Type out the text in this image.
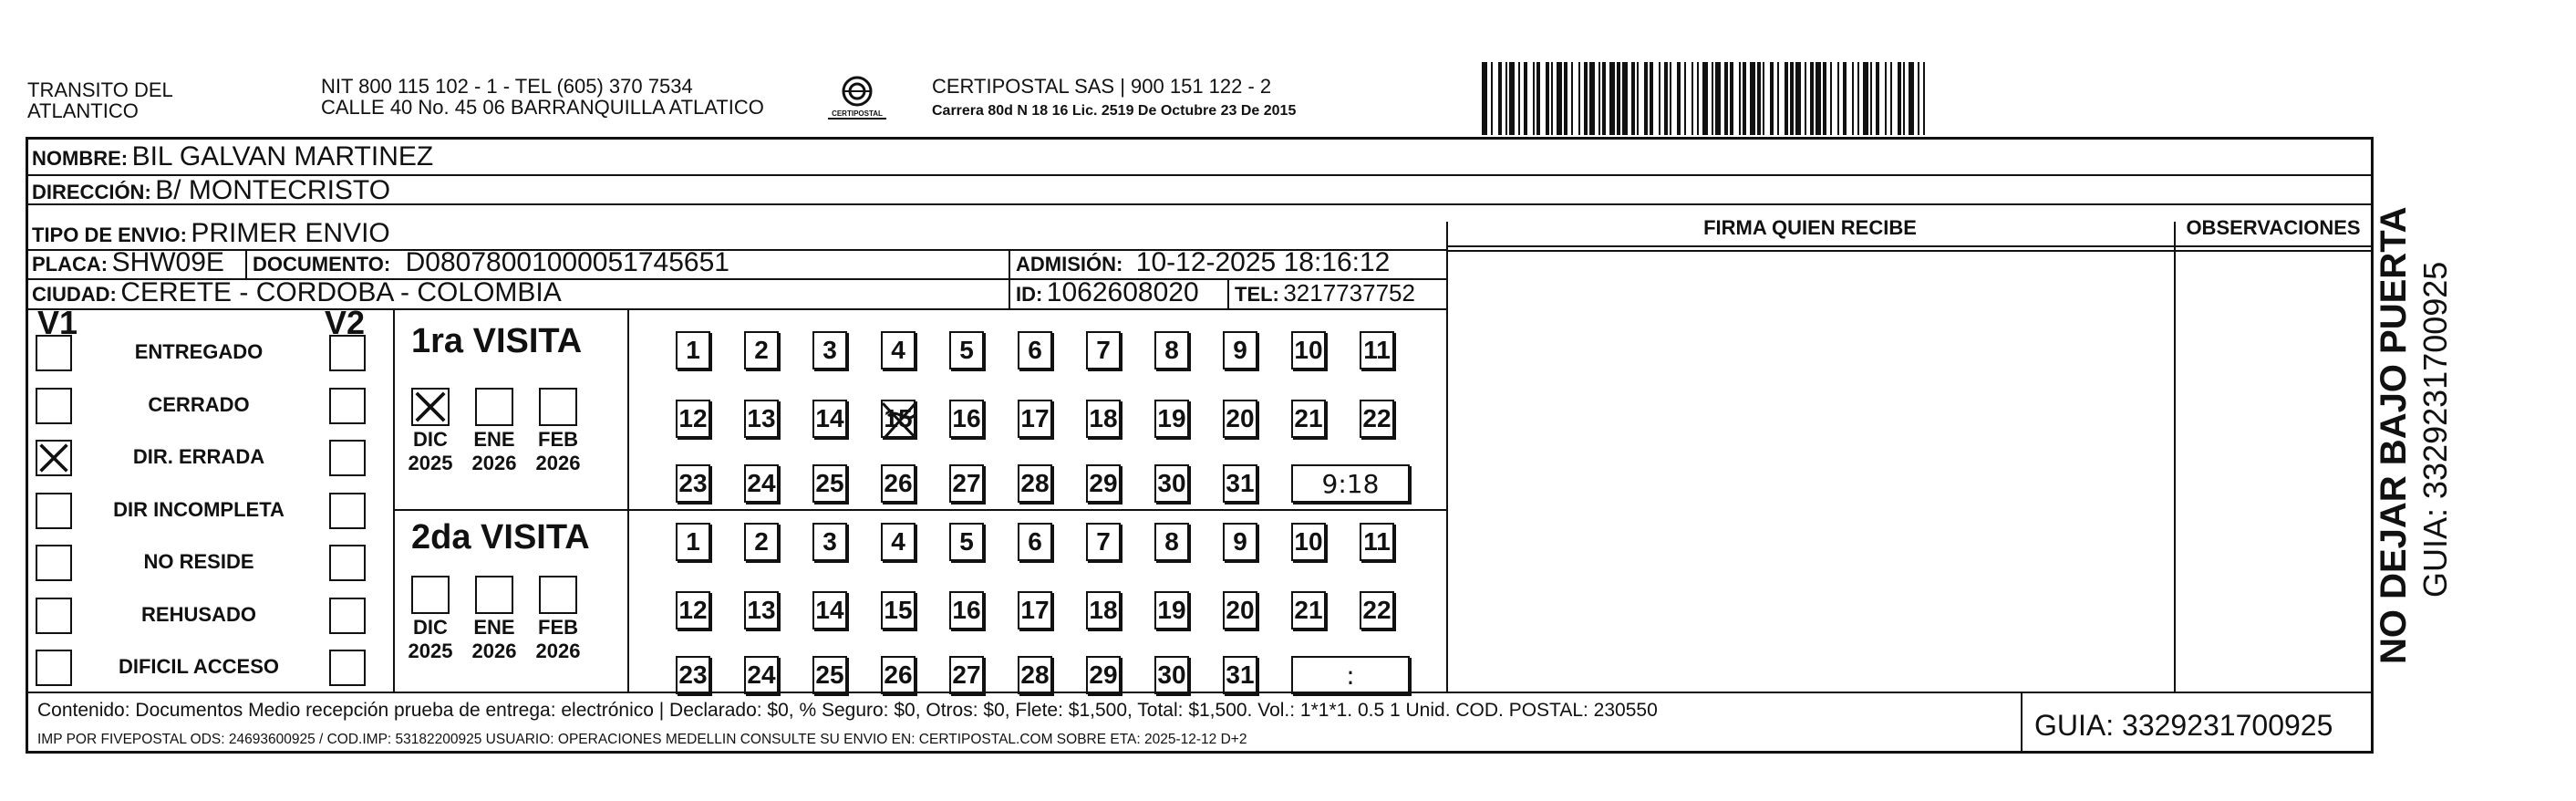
TRANSITO DEL
ATLANTICO
NIT 800 115 102 - 1 - TEL (605) 370 7534
CALLE 40 No. 45 06 BARRANQUILLA ATLATICO	CERTIPOSTAL
CERTIPOSTAL SAS | 900 151 122 - 2
Carrera 80d N 18 16 Lic. 2519 De Octubre 23 De 2015
NOMBRE: BIL GALVAN MARTINEZ
DIRECCIÓN: B/ MONTECRISTO
TIPO DE ENVIO: PRIMER ENVIO
PLACA: SHW09E DOCUMENTO: D08078001000051745651	ADMISIÓN: 10-12-2025 18:16:12
CIUDAD: CERETE - CORDOBA - COLOMBIA	ID: 1062608020 TEL: 3217737752
FIRMA QUIEN RECIBE	OBSERVACIONES
V1	V2
ENTREGADO
CERRADO
DIR. ERRADA
DIR INCOMPLETA
NO RESIDE
REHUSADO
DIFICIL ACCESO
1ra VISITA
DIC
2025
ENE
2026
FEB
2026
1	2	3	4	5	6	7	8	9	10 11
12 13 14 15 16 17 18 19 20 21 22
23 24 25 26 27 28 29 30 31	9:18
2da VISITA
DIC
2025
ENE
2026
FEB
2026
1	2	3	4	5	6	7	8	9	10 11
12 13 14 15 16 17 18 19 20 21 22
23 24 25 26 27 28 29 30 31	:
Contenido: Documentos Medio recepción prueba de entrega: electrónico | Declarado: $0, % Seguro: $0, Otros: $0, Flete: $1,500, Total: $1,500. Vol.: 1*1*1. 0.5 1 Unid. COD. POSTAL: 230550
IMP POR FIVEPOSTAL ODS: 24693600925 / COD.IMP: 53182200925 USUARIO: OPERACIONES MEDELLIN CONSULTE SU ENVIO EN: CERTIPOSTAL.COM SOBRE ETA: 2025-12-12 D+2	GUIA: 3329231700925
NO DEJAR BAJO PUERTA GUIA: 3329231700925
